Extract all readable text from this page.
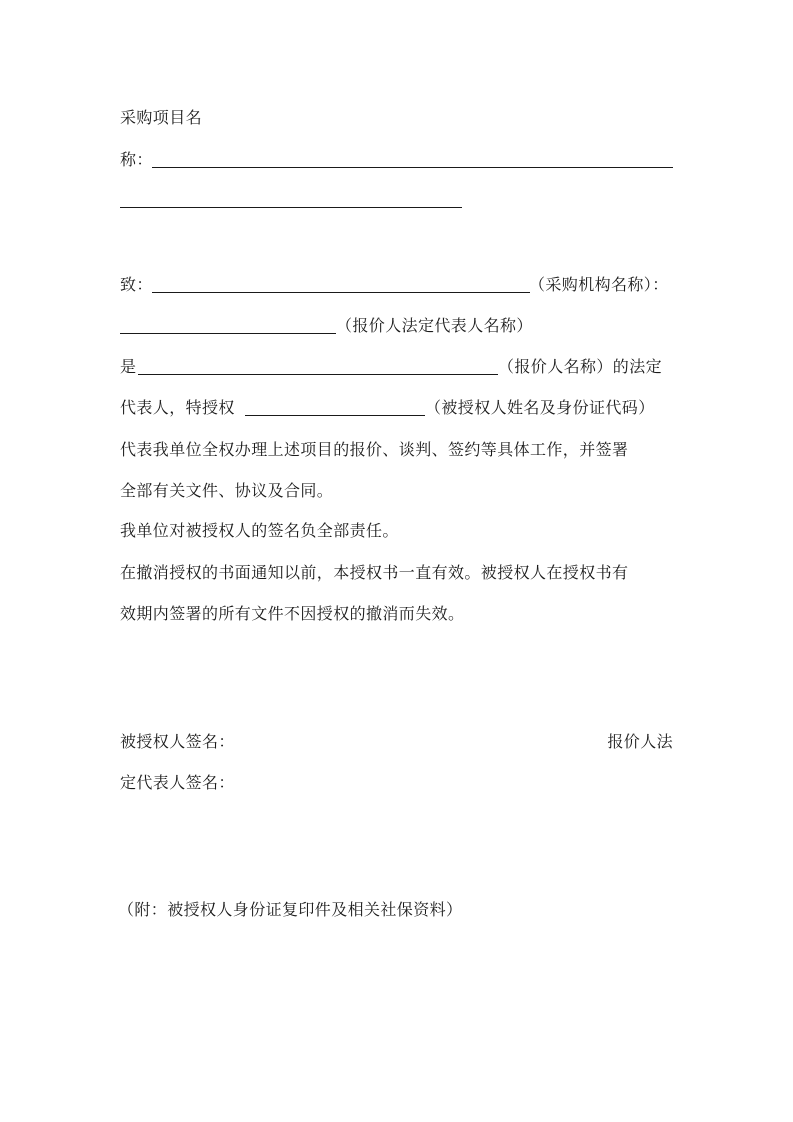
采购项目名
称：
致：	（采购机构名称）：
（报价人法定代表人名称）
是	（报价人名称）的法定
代表人，特授权	（被授权人姓名及身份证代码）
代表我单位全权办理上述项目的报价、谈判、签约等具体工作，并签署
全部有关文件、协议及合同。
我单位对被授权人的签名负全部责任。
在撤消授权的书面通知以前，本授权书一直有效。被授权人在授权书有
效期内签署的所有文件不因授权的撤消而失效。
被授权人签名：	报价人法
定代表人签名：
（附：被授权人身份证复印件及相关社保资料）
